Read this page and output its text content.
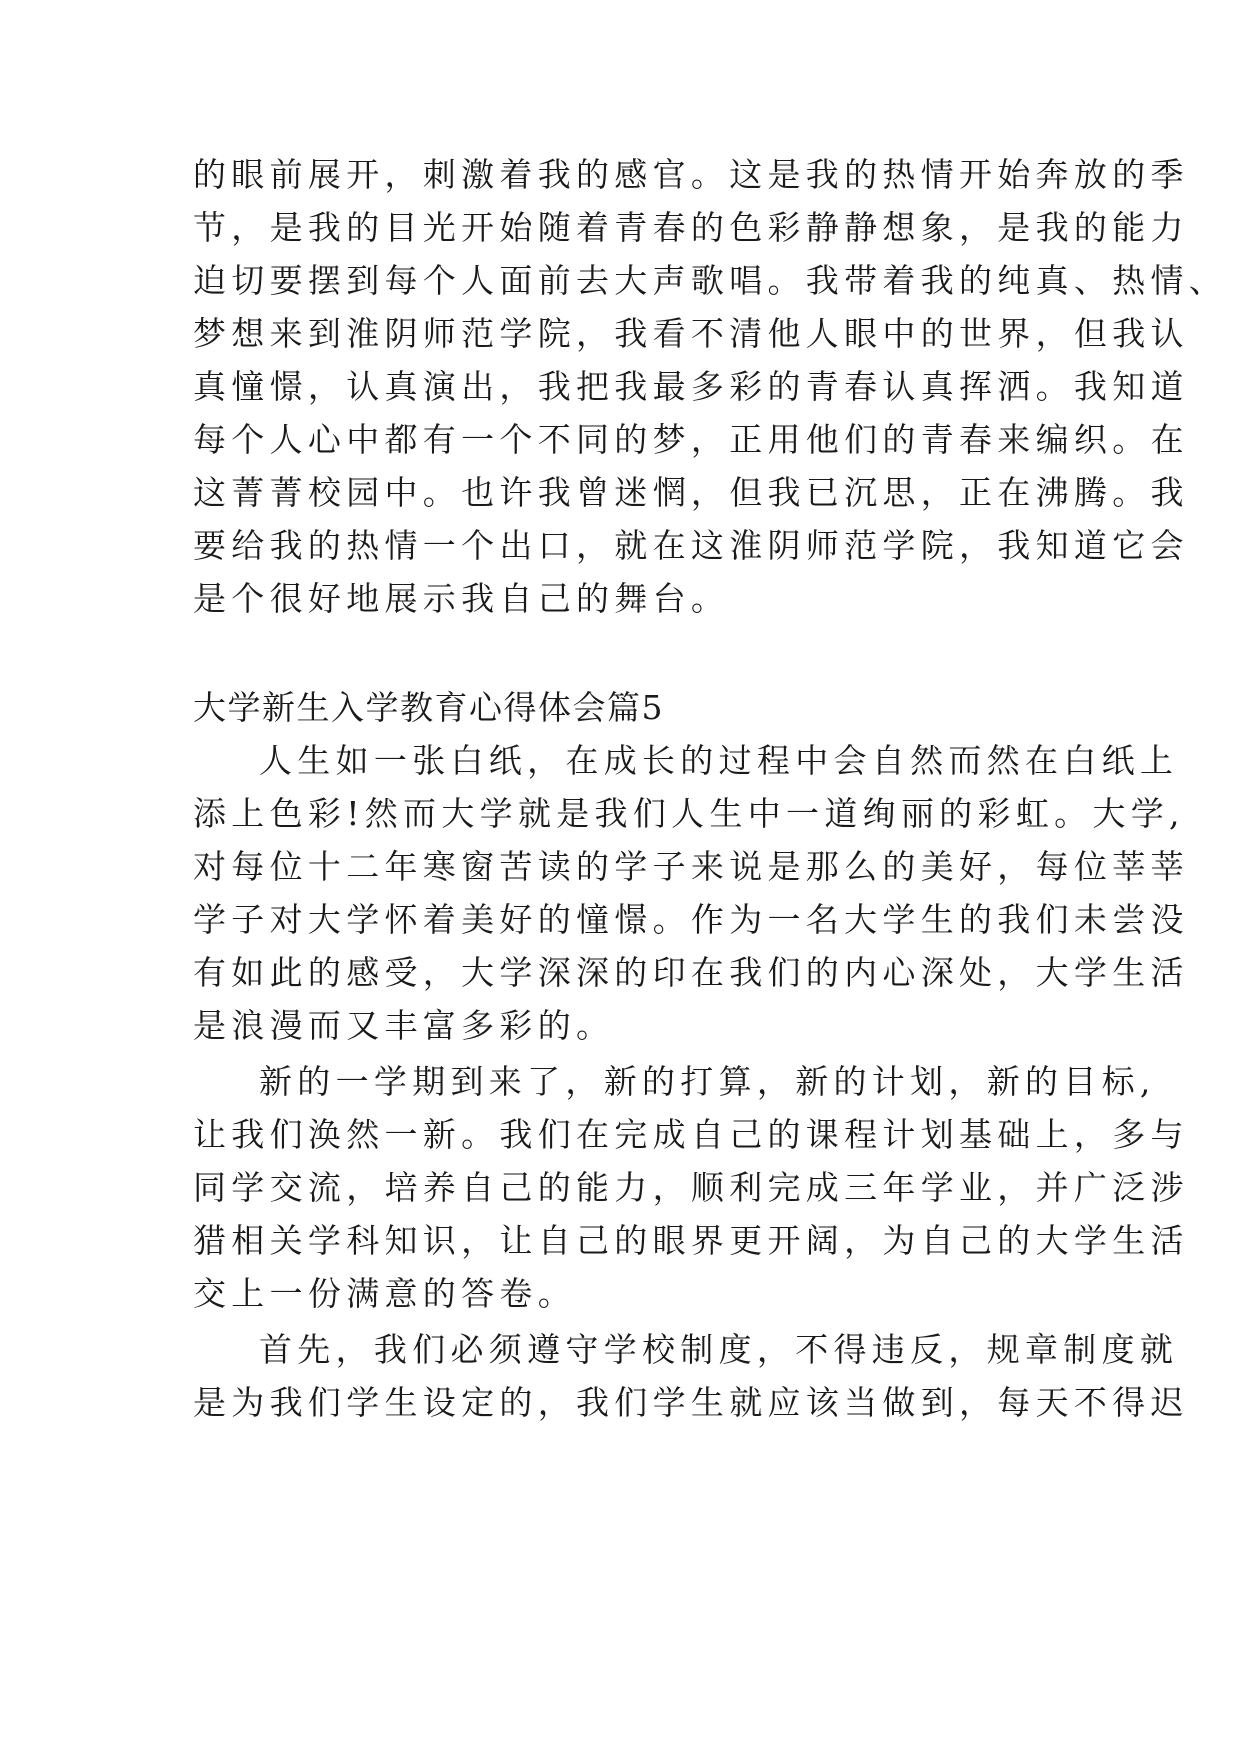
的眼前展开，刺激着我的感官。这是我的热情开始奔放的季
节，是我的目光开始随着青春的色彩静静想象，是我的能力
迫切要摆到每个人面前去大声歌唱。我带着我的纯真、热情、
梦想来到淮阴师范学院，我看不清他人眼中的世界，但我认
真憧憬，认真演出，我把我最多彩的青春认真挥洒。我知道
每个人心中都有一个不同的梦，正用他们的青春来编织。在
这菁菁校园中。也许我曾迷惘，但我已沉思，正在沸腾。我
要给我的热情一个出口，就在这淮阴师范学院，我知道它会
是个很好地展示我自己的舞台。
大学新生入学教育心得体会篇5
人生如一张白纸，在成长的过程中会自然而然在白纸上
添上色彩!然而大学就是我们人生中一道绚丽的彩虹。大学,
对每位十二年寒窗苦读的学子来说是那么的美好，每位莘莘
学子对大学怀着美好的憧憬。作为一名大学生的我们未尝没
有如此的感受，大学深深的印在我们的内心深处，大学生活
是浪漫而又丰富多彩的。
新的一学期到来了，新的打算，新的计划，新的目标,
让我们涣然一新。我们在完成自己的课程计划基础上，多与
同学交流，培养自己的能力，顺利完成三年学业，并广泛涉
猎相关学科知识，让自己的眼界更开阔，为自己的大学生活
交上一份满意的答卷。
首先，我们必须遵守学校制度，不得违反，规章制度就
是为我们学生设定的，我们学生就应该当做到，每天不得迟
